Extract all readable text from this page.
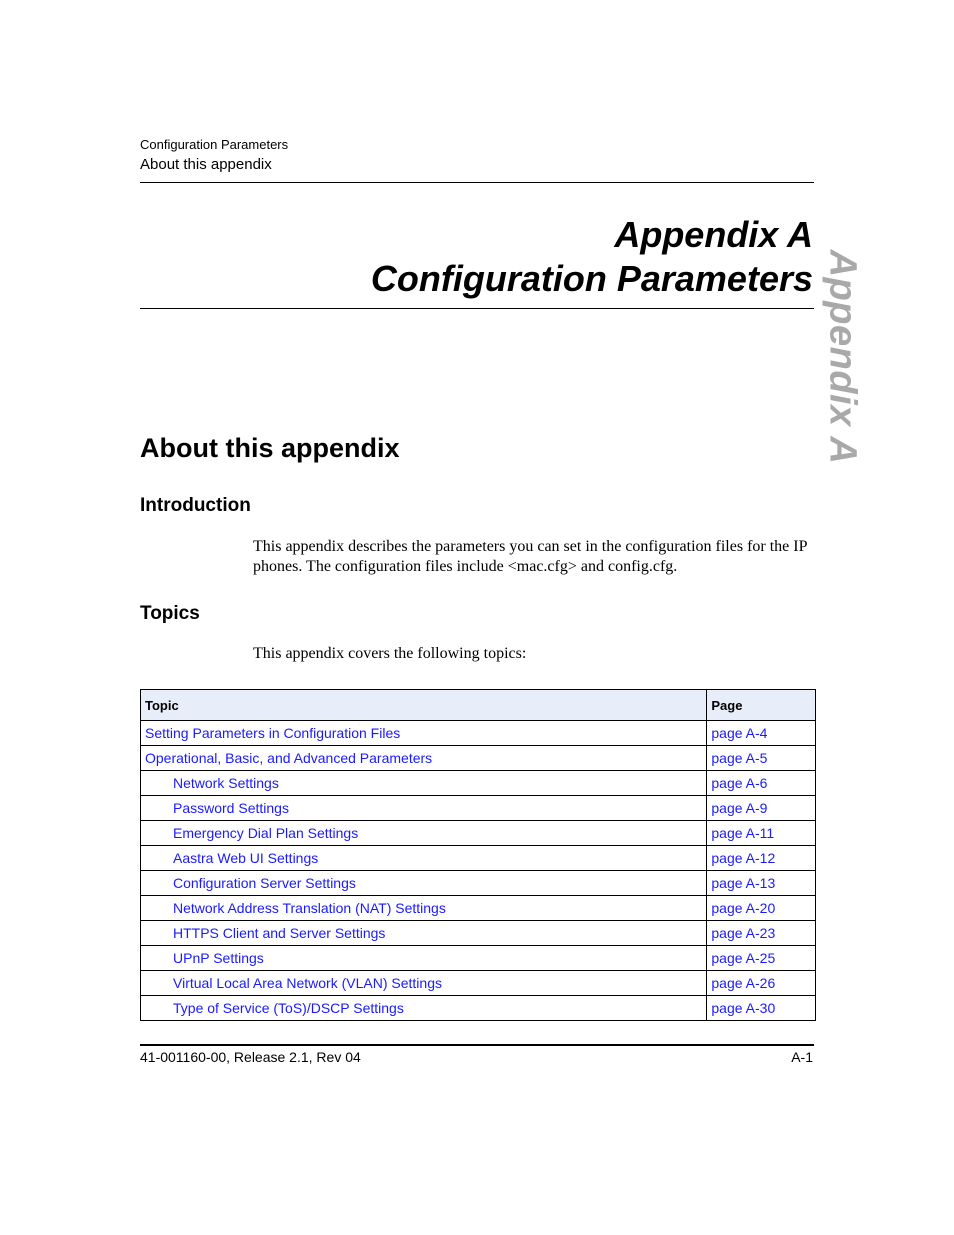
Configuration Parameters
About this appendix
Appendix A
Configuration Parameters Appendix A
About this appendix
Introduction
This appendix describes the parameters you can set in the configuration files for the IP phones. The configuration files include <mac.cfg> and config.cfg.
Topics
This appendix covers the following topics:
Topic	Page
Setting Parameters in Configuration Files	page A-4
Operational, Basic, and Advanced Parameters	page A-5
Network Settings	page A-6
Password Settings	page A-9
Emergency Dial Plan Settings	page A-11
Aastra Web UI Settings	page A-12
Configuration Server Settings	page A-13
Network Address Translation (NAT) Settings	page A-20
HTTPS Client and Server Settings	page A-23
UPnP Settings	page A-25
Virtual Local Area Network (VLAN) Settings	page A-26
Type of Service (ToS)/DSCP Settings	page A-30
41-001160-00, Release 2.1, Rev 04	A-1
